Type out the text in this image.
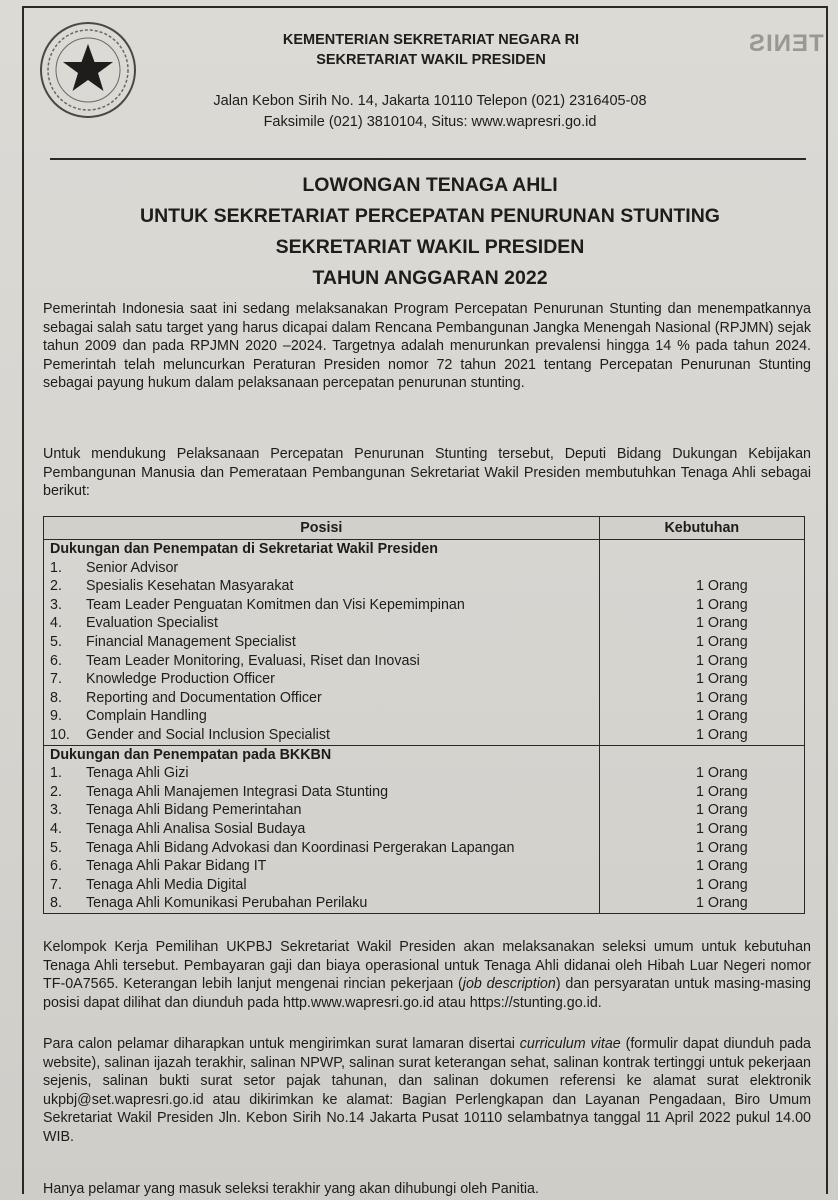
TENIS
KEMENTERIAN SEKRETARIAT NEGARA RI
SEKRETARIAT WAKIL PRESIDEN
Jalan Kebon Sirih No. 14, Jakarta 10110 Telepon (021) 2316405-08
Faksimile (021) 3810104, Situs: www.wapresri.go.id
LOWONGAN TENAGA AHLI
UNTUK SEKRETARIAT PERCEPATAN PENURUNAN STUNTING
SEKRETARIAT WAKIL PRESIDEN
TAHUN ANGGARAN 2022

Pemerintah Indonesia saat ini sedang melaksanakan Program Percepatan Penurunan Stunting dan menempatkannya sebagai salah satu target yang harus dicapai dalam Rencana Pembangunan Jangka Menengah Nasional (RPJMN) sejak tahun 2009 dan pada RPJMN 2020 –2024. Targetnya adalah menurunkan prevalensi hingga 14 % pada tahun 2024. Pemerintah telah meluncurkan Peraturan Presiden nomor 72 tahun 2021 tentang Percepatan Penurunan Stunting sebagai payung hukum dalam pelaksanaan percepatan penurunan stunting.

Untuk mendukung Pelaksanaan Percepatan Penurunan Stunting tersebut, Deputi Bidang Dukungan Kebijakan Pembangunan Manusia dan Pemerataan Pembangunan Sekretariat Wakil Presiden membutuhkan Tenaga Ahli sebagai berikut:

Posisi	Kebutuhan
Dukungan dan Penempatan di Sekretariat Wakil Presiden	
1. Senior Advisor	
2. Spesialis Kesehatan Masyarakat	1 Orang
3. Team Leader Penguatan Komitmen dan Visi Kepemimpinan	1 Orang
4. Evaluation Specialist	1 Orang
5. Financial Management Specialist	1 Orang
6. Team Leader Monitoring, Evaluasi, Riset dan Inovasi	1 Orang
7. Knowledge Production Officer	1 Orang
8. Reporting and Documentation Officer	1 Orang
9. Complain Handling	1 Orang
10. Gender and Social Inclusion Specialist	1 Orang
Dukungan dan Penempatan pada BKKBN	
1. Tenaga Ahli Gizi	1 Orang
2. Tenaga Ahli Manajemen Integrasi Data Stunting	1 Orang
3. Tenaga Ahli Bidang Pemerintahan	1 Orang
4. Tenaga Ahli Analisa Sosial Budaya	1 Orang
5. Tenaga Ahli Bidang Advokasi dan Koordinasi Pergerakan Lapangan	1 Orang
6. Tenaga Ahli Pakar Bidang IT	1 Orang
7. Tenaga Ahli Media Digital	1 Orang
8. Tenaga Ahli Komunikasi Perubahan Perilaku	1 Orang

Kelompok Kerja Pemilihan UKPBJ Sekretariat Wakil Presiden akan melaksanakan seleksi umum untuk kebutuhan Tenaga Ahli tersebut. Pembayaran gaji dan biaya operasional untuk Tenaga Ahli didanai oleh Hibah Luar Negeri nomor TF-0A7565. Keterangan lebih lanjut mengenai rincian pekerjaan (job description) dan persyaratan untuk masing-masing posisi dapat dilihat dan diunduh pada http.www.wapresri.go.id atau https://stunting.go.id.

Para calon pelamar diharapkan untuk mengirimkan surat lamaran disertai curriculum vitae (formulir dapat diunduh pada website), salinan ijazah terakhir, salinan NPWP, salinan surat keterangan sehat, salinan kontrak tertinggi untuk pekerjaan sejenis, salinan bukti surat setor pajak tahunan, dan salinan dokumen referensi ke alamat surat elektronik ukpbj@set.wapresri.go.id atau dikirimkan ke alamat: Bagian Perlengkapan dan Layanan Pengadaan, Biro Umum Sekretariat Wakil Presiden Jln. Kebon Sirih No.14 Jakarta Pusat 10110 selambatnya tanggal 11 April 2022 pukul 14.00 WIB.

Hanya pelamar yang masuk seleksi terakhir yang akan dihubungi oleh Panitia.
